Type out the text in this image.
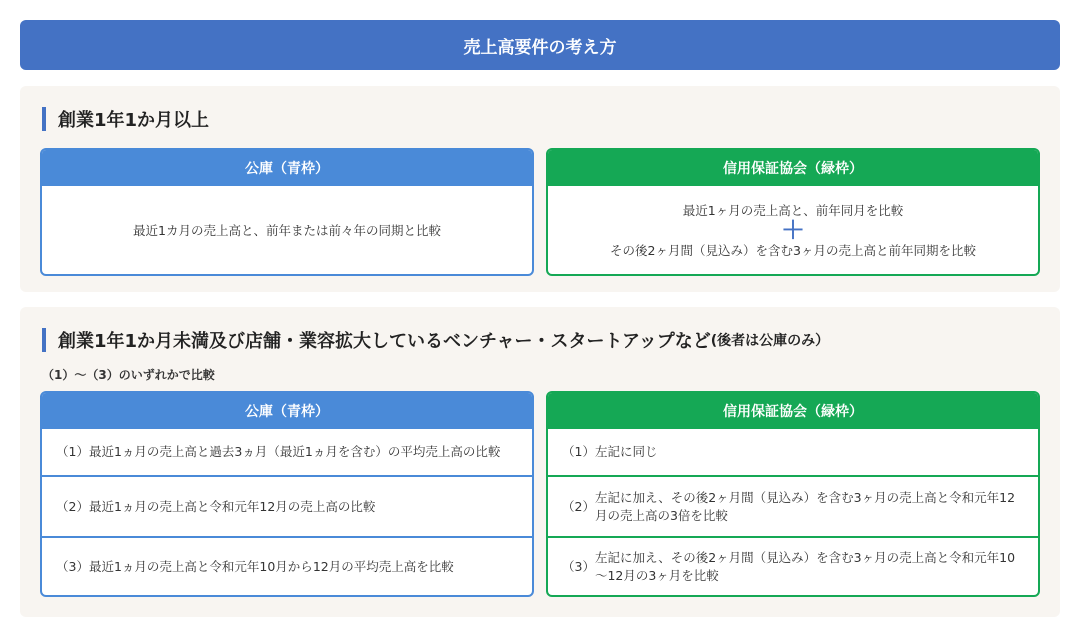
売上高要件の考え方
創業1年1か月以上
公庫（青枠）
最近1カ月の売上高と、前年または前々年の同期と比較
信用保証協会（緑枠）
最近1ヶ月の売上高と、前年同月を比較
＋
その後2ヶ月間（見込み）を含む3ヶ月の売上高と前年同期を比較
創業1年1か月未満及び店舗・業容拡大しているベンチャー・スタートアップなど (後者は公庫のみ）
（1）～（3）のいずれかで比較
公庫（青枠）
（1） 最近1ヵ月の売上高と過去3ヵ月（最近1ヵ月を含む）の平均売上高の比較
（2） 最近1ヵ月の売上高と令和元年12月の売上高の比較
（3） 最近1ヵ月の売上高と令和元年10月から12月の平均売上高を比較
信用保証協会（緑枠）
（1） 左記に同じ
（2）
左記に加え、その後2ヶ月間（見込み）を含む3ヶ月の売上高と令和元年12月の売上高の3倍を比較
（3）
左記に加え、その後2ヶ月間（見込み）を含む3ヶ月の売上高と令和元年10～12月の3ヶ月を比較
